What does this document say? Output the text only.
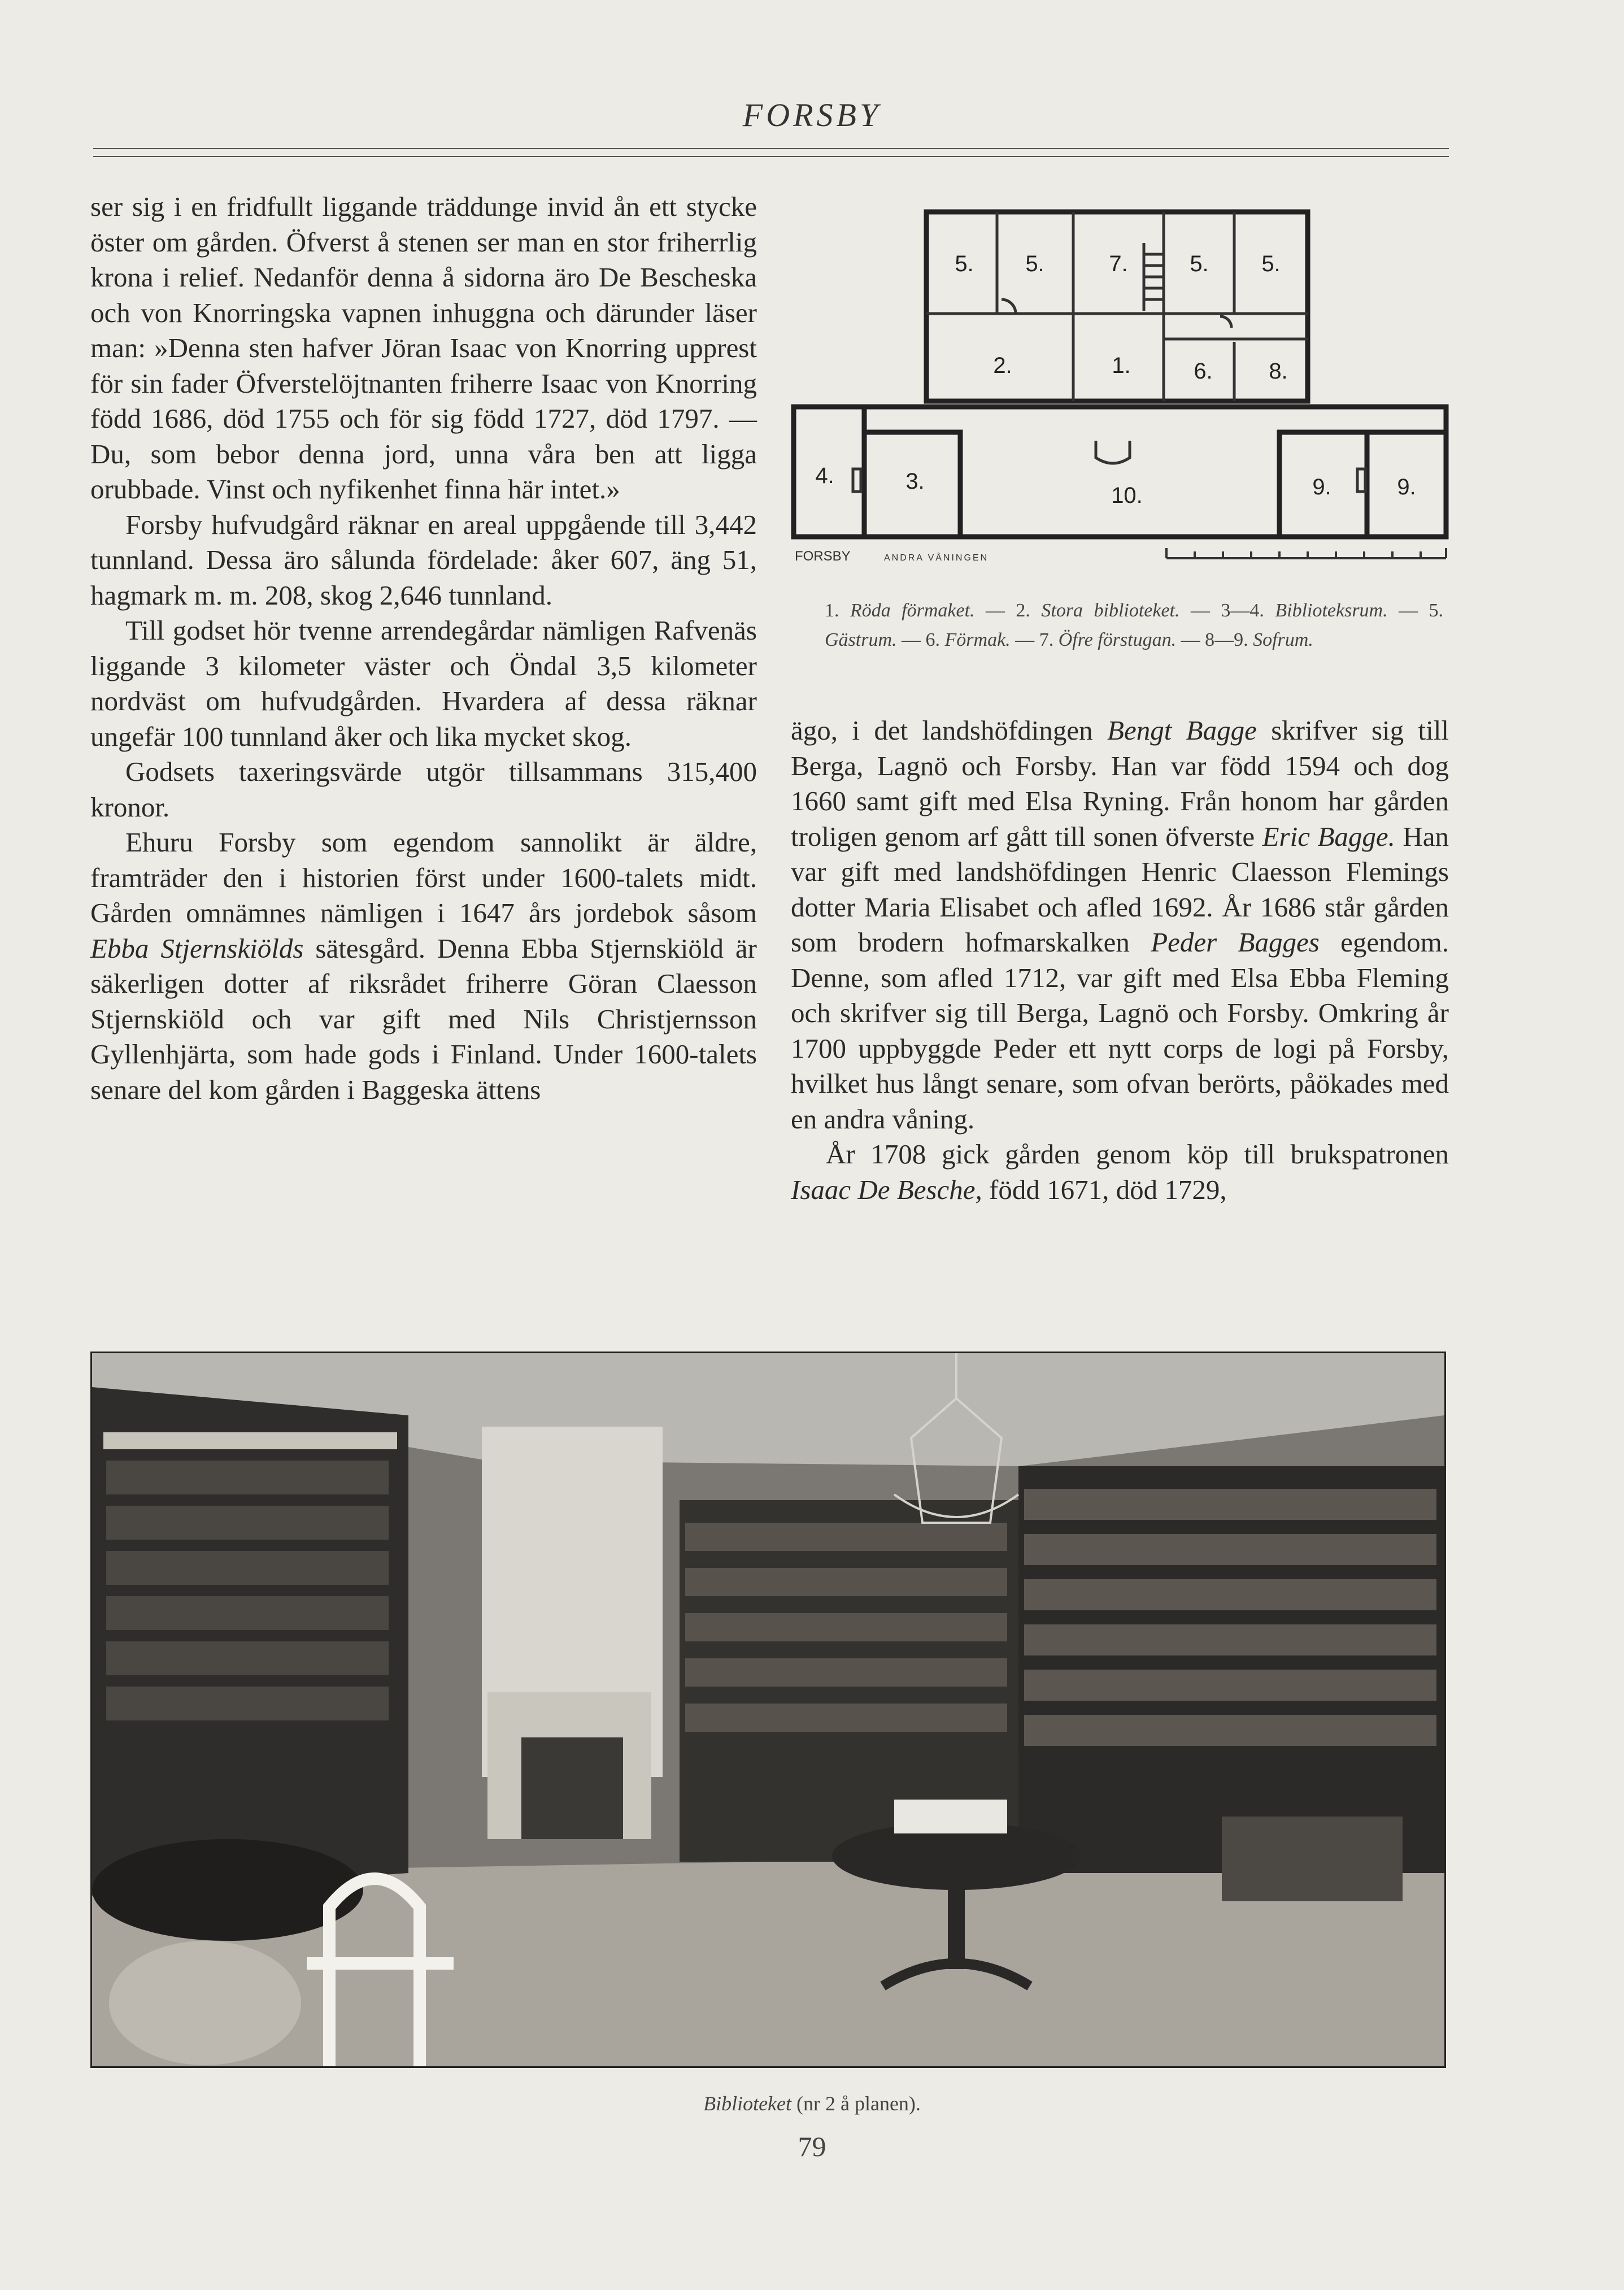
FORSBY

ser sig i en fridfullt liggande träddunge invid ån ett stycke öster om gården. Öfverst å stenen ser man en stor friherrlig krona i relief. Nedanför denna å sidorna äro De Bescheska och von Knorringska vapnen inhuggna och därunder läser man: »Denna sten hafver Jöran Isaac von Knorring upprest för sin fader Öfverstelöjtnanten friherre Isaac von Knorring född 1686, död 1755 och för sig född 1727, död 1797. — Du, som bebor denna jord, unna våra ben att ligga orubbade. Vinst och nyfikenhet finna här intet.»

Forsby hufvudgård räknar en areal uppgående till 3,442 tunnland. Dessa äro sålunda fördelade: åker 607, äng 51, hagmark m. m. 208, skog 2,646 tunnland.

Till godset hör tvenne arrendegårdar nämligen Rafvenäs liggande 3 kilometer väster och Öndal 3,5 kilometer nordväst om hufvudgården. Hvardera af dessa räknar ungefär 100 tunnland åker och lika mycket skog.

Godsets taxeringsvärde utgör tillsammans 315,400 kronor.

Ehuru Forsby som egendom sannolikt är äldre, framträder den i historien först under 1600-talets midt. Gården omnämnes nämligen i 1647 års jordebok såsom Ebba Stjernskiölds sätesgård. Denna Ebba Stjernskiöld är säkerligen dotter af riksrådet friherre Göran Claesson Stjernskiöld och var gift med Nils Christjernsson Gyllenhjärta, som hade gods i Finland. Under 1600-talets senare del kom gården i Baggeska ättens

5. 5.	7.	5. 5.
2.	1.	6. 8.
4.	3.
10.	9.	9.
FORSBY	ANDRA VÅNINGEN
1. Röda förmaket. — 2. Stora biblioteket. — 3—4. Biblioteksrum. — 5. Gästrum. — 6. Förmak. — 7. Öfre förstugan. — 8—9. Sofrum.

ägo, i det landshöfdingen Bengt Bagge skrifver sig till Berga, Lagnö och Forsby. Han var född 1594 och dog 1660 samt gift med Elsa Ryning. Från honom har gården troligen genom arf gått till sonen öfverste Eric Bagge. Han var gift med landshöfdingen Henric Claesson Flemings dotter Maria Elisabet och afled 1692. År 1686 står gården som brodern hofmarskalken Peder Bagges egendom. Denne, som afled 1712, var gift med Elsa Ebba Fleming och skrifver sig till Berga, Lagnö och Forsby. Omkring år 1700 uppbyggde Peder ett nytt corps de logi på Forsby, hvilket hus långt senare, som ofvan berörts, påökades med en andra våning.

År 1708 gick gården genom köp till brukspatronen Isaac De Besche, född 1671, död 1729,

Biblioteket (nr 2 å planen).
79
